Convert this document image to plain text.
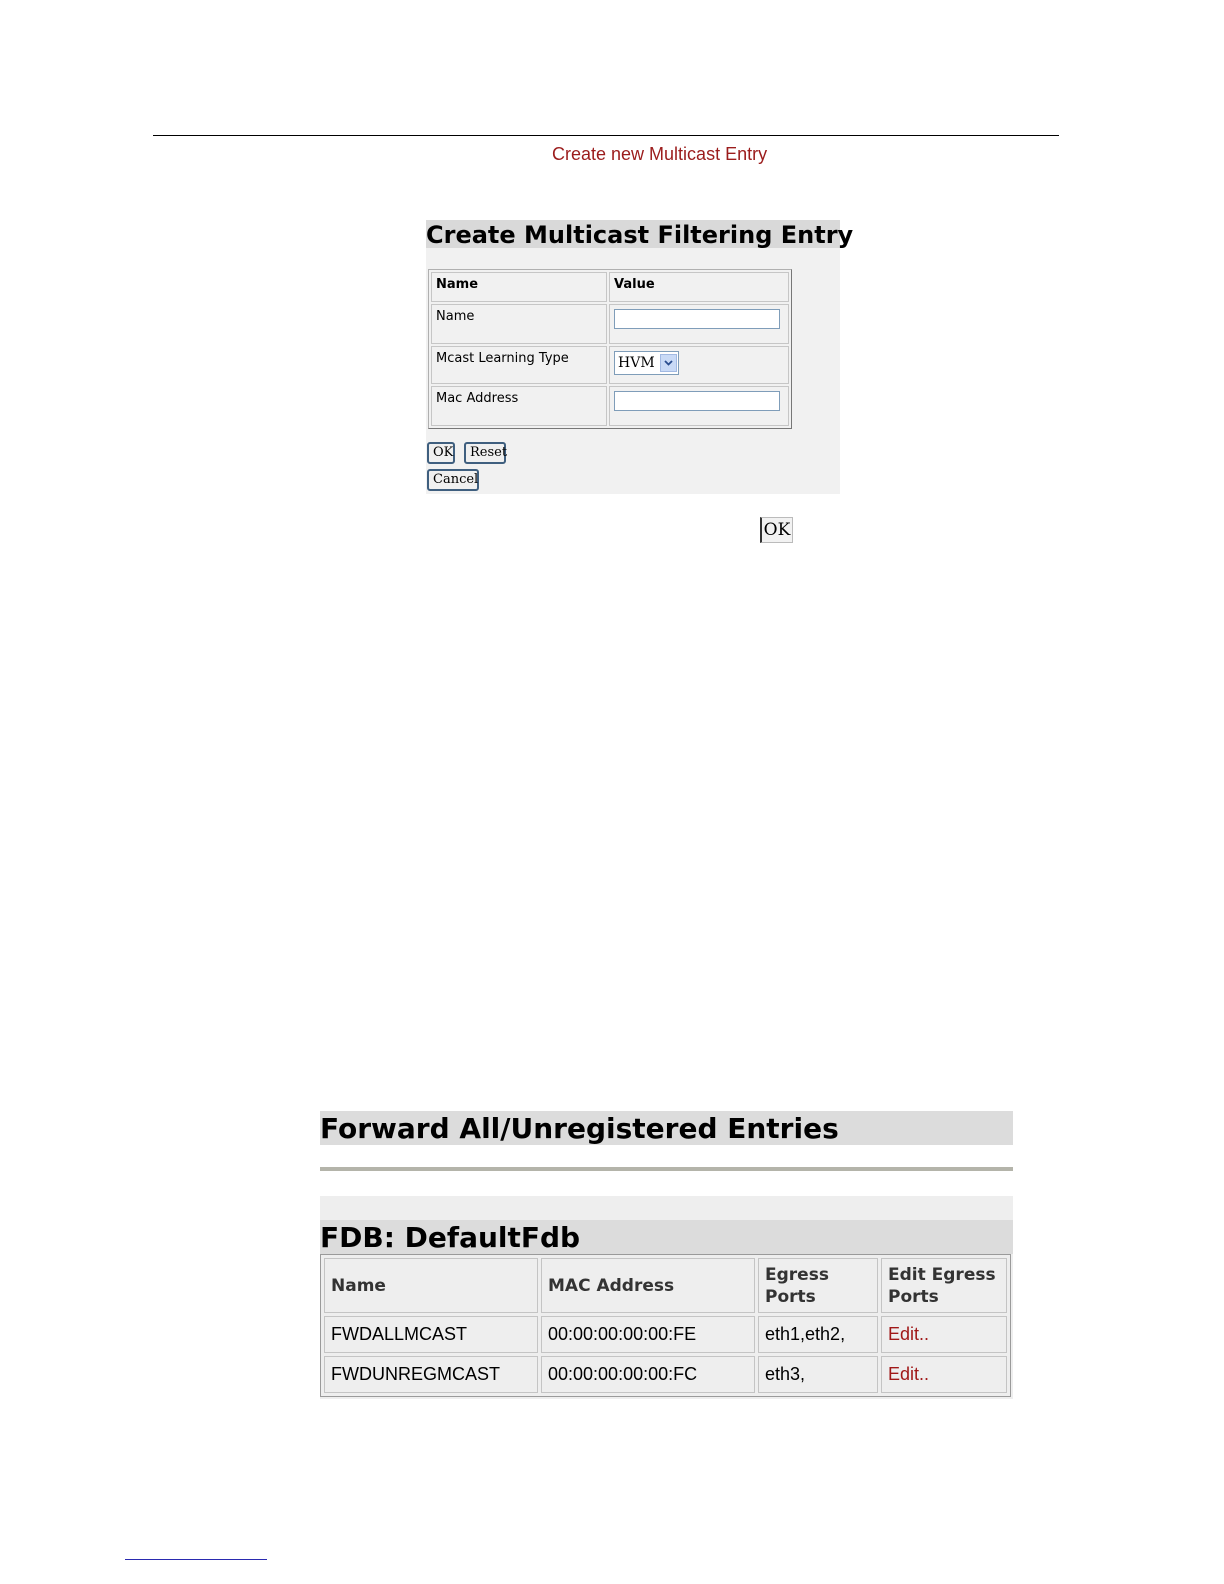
Create new Multicast Entry
Create Multicast Filtering Entry
Name	Value
Name	
Mcast Learning Type	HVM

Mac Address	
OK	Reset
Cancel
OK
Forward All/Unregistered Entries
FDB: DefaultFdb
Name	MAC Address	Egress Ports	Edit Egress Ports
FWDALLMCAST	00:00:00:00:00:FE	eth1,eth2,	Edit..
FWDUNREGMCAST	00:00:00:00:00:FC	eth3,	Edit..
